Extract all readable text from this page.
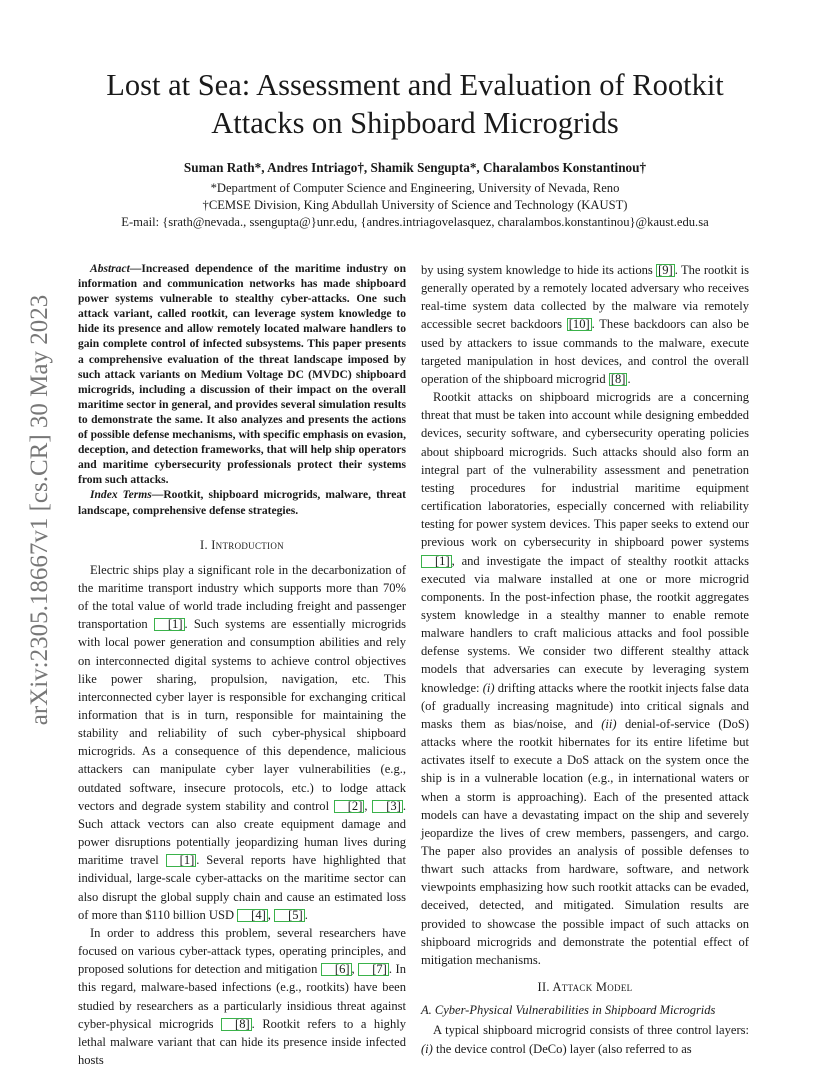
arXiv:2305.18667v1 [cs.CR] 30 May 2023
Lost at Sea: Assessment and Evaluation of Rootkit
Attacks on Shipboard Microgrids
Suman Rath*, Andres Intriago†, Shamik Sengupta*, Charalambos Konstantinou†
*Department of Computer Science and Engineering, University of Nevada, Reno
†CEMSE Division, King Abdullah University of Science and Technology (KAUST)
E-mail: {srath@nevada., ssengupta@}unr.edu, {andres.intriagovelasquez, charalambos.konstantinou}@kaust.edu.sa

Abstract—Increased dependence of the maritime industry on information and communication networks has made shipboard power systems vulnerable to stealthy cyber-attacks. One such attack variant, called rootkit, can leverage system knowledge to hide its presence and allow remotely located malware handlers to gain complete control of infected subsystems. This paper presents a comprehensive evaluation of the threat landscape imposed by such attack variants on Medium Voltage DC (MVDC) shipboard microgrids, including a discussion of their impact on the overall maritime sector in general, and provides several simulation results to demonstrate the same. It also analyzes and presents the actions of possible defense mechanisms, with specific emphasis on evasion, deception, and detection frameworks, that will help ship operators and maritime cybersecurity professionals protect their systems from such attacks.

Index Terms—Rootkit, shipboard microgrids, malware, threat landscape, comprehensive defense strategies.

I. Introduction

Electric ships play a significant role in the decarbonization of the maritime transport industry which supports more than 70% of the total value of world trade including freight and passenger transportation [1] . Such systems are essentially microgrids with local power generation and consumption abilities and rely on interconnected digital systems to achieve control objectives like power sharing, propulsion, navigation, etc. This interconnected cyber layer is responsible for exchanging critical information that is in turn, responsible for maintaining the stability and reliability of such cyber-physical shipboard microgrids. As a consequence of this dependence, malicious attackers can manipulate cyber layer vulnerabilities (e.g., outdated software, insecure protocols, etc.) to lodge attack vectors and degrade system stability and control [2] , [3] . Such attack vectors can also create equipment damage and power disruptions potentially jeopardizing human lives during maritime travel [1] . Several reports have highlighted that individual, large-scale cyber-attacks on the maritime sector can also disrupt the global supply chain and cause an estimated loss of more than $110 billion USD [4] , [5] .

In order to address this problem, several researchers have focused on various cyber-attack types, operating principles, and proposed solutions for detection and mitigation [6] , [7] . In this regard, malware-based infections (e.g., rootkits) have been studied by researchers as a particularly insidious threat against cyber-physical microgrids [8] . Rootkit refers to a highly lethal malware variant that can hide its presence inside infected hosts

by using system knowledge to hide its actions [9] . The rootkit is generally operated by a remotely located adversary who receives real-time system data collected by the malware via remotely accessible secret backdoors [10] . These backdoors can also be used by attackers to issue commands to the malware, execute targeted manipulation in host devices, and control the overall operation of the shipboard microgrid [8] .

Rootkit attacks on shipboard microgrids are a concerning threat that must be taken into account while designing embedded devices, security software, and cybersecurity operating policies about shipboard microgrids. Such attacks should also form an integral part of the vulnerability assessment and penetration testing procedures for industrial maritime equipment certification laboratories, especially concerned with reliability testing for power system devices. This paper seeks to extend our previous work on cybersecurity in shipboard power systems [1] , and investigate the impact of stealthy rootkit attacks executed via malware installed at one or more microgrid components. In the post-infection phase, the rootkit aggregates system knowledge in a stealthy manner to enable remote malware handlers to craft malicious attacks and fool possible defense systems. We consider two different stealthy attack models that adversaries can execute by leveraging system knowledge: (i) drifting attacks where the rootkit injects false data (of gradually increasing magnitude) into critical signals and masks them as bias/noise, and (ii) denial-of-service (DoS) attacks where the rootkit hibernates for its entire lifetime but activates itself to execute a DoS attack on the system once the ship is in a vulnerable location (e.g., in international waters or when a storm is approaching). Each of the presented attack models can have a devastating impact on the ship and severely jeopardize the lives of crew members, passengers, and cargo. The paper also provides an analysis of possible defenses to thwart such attacks from hardware, software, and network viewpoints emphasizing how such rootkit attacks can be evaded, deceived, detected, and mitigated. Simulation results are provided to showcase the possible impact of such attacks on shipboard microgrids and demonstrate the potential effect of mitigation mechanisms.

II. Attack Model
A. Cyber-Physical Vulnerabilities in Shipboard Microgrids

A typical shipboard microgrid consists of three control layers: (i) the device control (DeCo) layer (also referred to as
